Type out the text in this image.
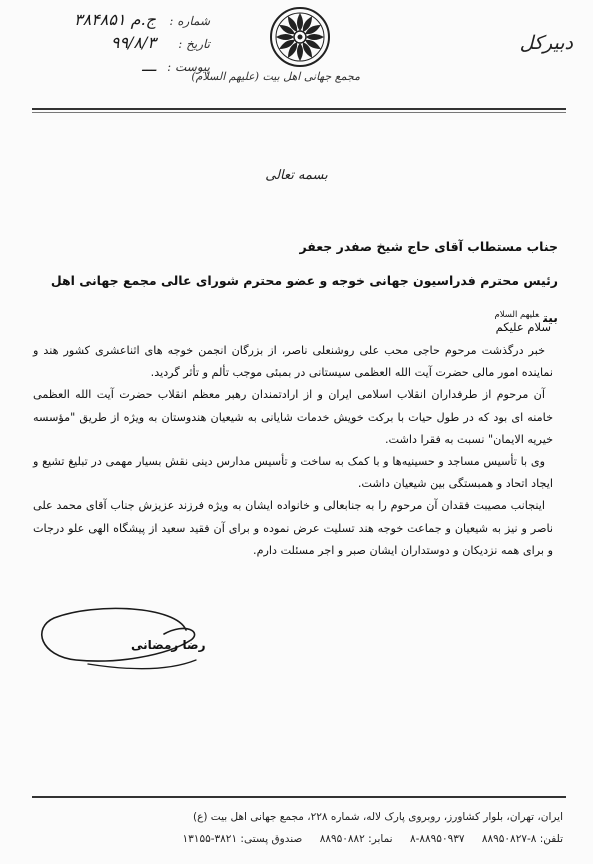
شماره :
۳۸۴۸۵۱ ج.م
تاریخ :
۹۹/۸/۳
پیوست :
ـــ
مجمع جهانی اهل بیت (علیهم السلام)
دبیرکل
بسمه تعالی
جناب مستطاب آقای حاج شیخ صفدر جعفر
رئیس محترم فدراسیون جهانی خوجه و عضو محترم شورای عالی مجمع جهانی اهل بیت$^{علیهم السلام}$
سلام علیکم

خبر درگذشت مرحوم حاجی محب علی روشنعلی ناصر، از بزرگان انجمن خوجه های اثناعشری کشور هند و نماینده امور مالی حضرت آیت الله العظمی سیستانی در بمبئی موجب تألم و تأثر گردید.

آن مرحوم از طرفداران انقلاب اسلامی ایران و از ارادتمندان رهبر معظم انقلاب حضرت آیت الله العظمی خامنه ای بود که در طول حیات با برکت خویش خدمات شایانی به شیعیان هندوستان به ویژه از طریق "مؤسسه خیریه الایمان" نسبت به فقرا داشت.

وی با تأسیس مساجد و حسینیه‌ها و با کمک به ساخت و تأسیس مدارس دینی نقش بسیار مهمی در تبلیغ تشیع و ایجاد اتحاد و همبستگی بین شیعیان داشت.

اینجانب مصیبت فقدان آن مرحوم را به جنابعالی و خانواده ایشان به ویژه فرزند عزیزش جناب آقای محمد علی ناصر و نیز به شیعیان و جماعت خوجه هند تسلیت عرض نموده و برای آن فقید سعید از پیشگاه الهی علو درجات و برای همه نزدیکان و دوستداران ایشان صبر و اجر مسئلت دارم.

رضا رمضانی
ایران، تهران، بلوار کشاورز، روبروی پارک لاله، شماره ۲۲۸، مجمع جهانی اهل بیت (ع)
تلفن: ۸-۸۸۹۵۰۸۲۷ ۸۸۹۵۰۹۳۷-۸ نمابر: ۸۸۹۵۰۸۸۲ صندوق پستی: ۳۸۲۱-۱۳۱۵۵
